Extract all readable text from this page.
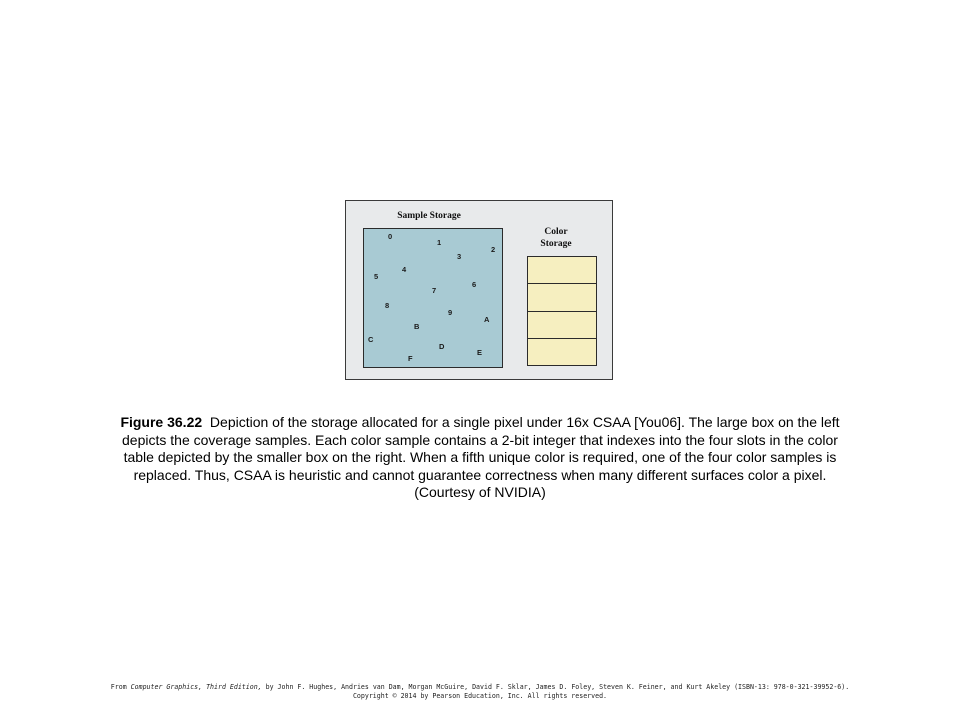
Sample Storage
Color
Storage
0
1
2
3
4
5
6
7
8
9
A
B
C
D
E
F
Figure 36.22 Depiction of the storage allocated for a single pixel under 16x CSAA [You06]. The large box on the left depicts the coverage samples. Each color sample contains a 2-bit integer that indexes into the four slots in the color table depicted by the smaller box on the right. When a fifth unique color is required, one of the four color samples is replaced. Thus, CSAA is heuristic and cannot guarantee correctness when many different surfaces color a pixel. (Courtesy of NVIDIA)
From Computer Graphics, Third Edition, by John F. Hughes, Andries van Dam, Morgan McGuire, David F. Sklar, James D. Foley, Steven K. Feiner, and Kurt Akeley (ISBN-13: 978-0-321-39952-6).
Copyright © 2014 by Pearson Education, Inc. All rights reserved.
